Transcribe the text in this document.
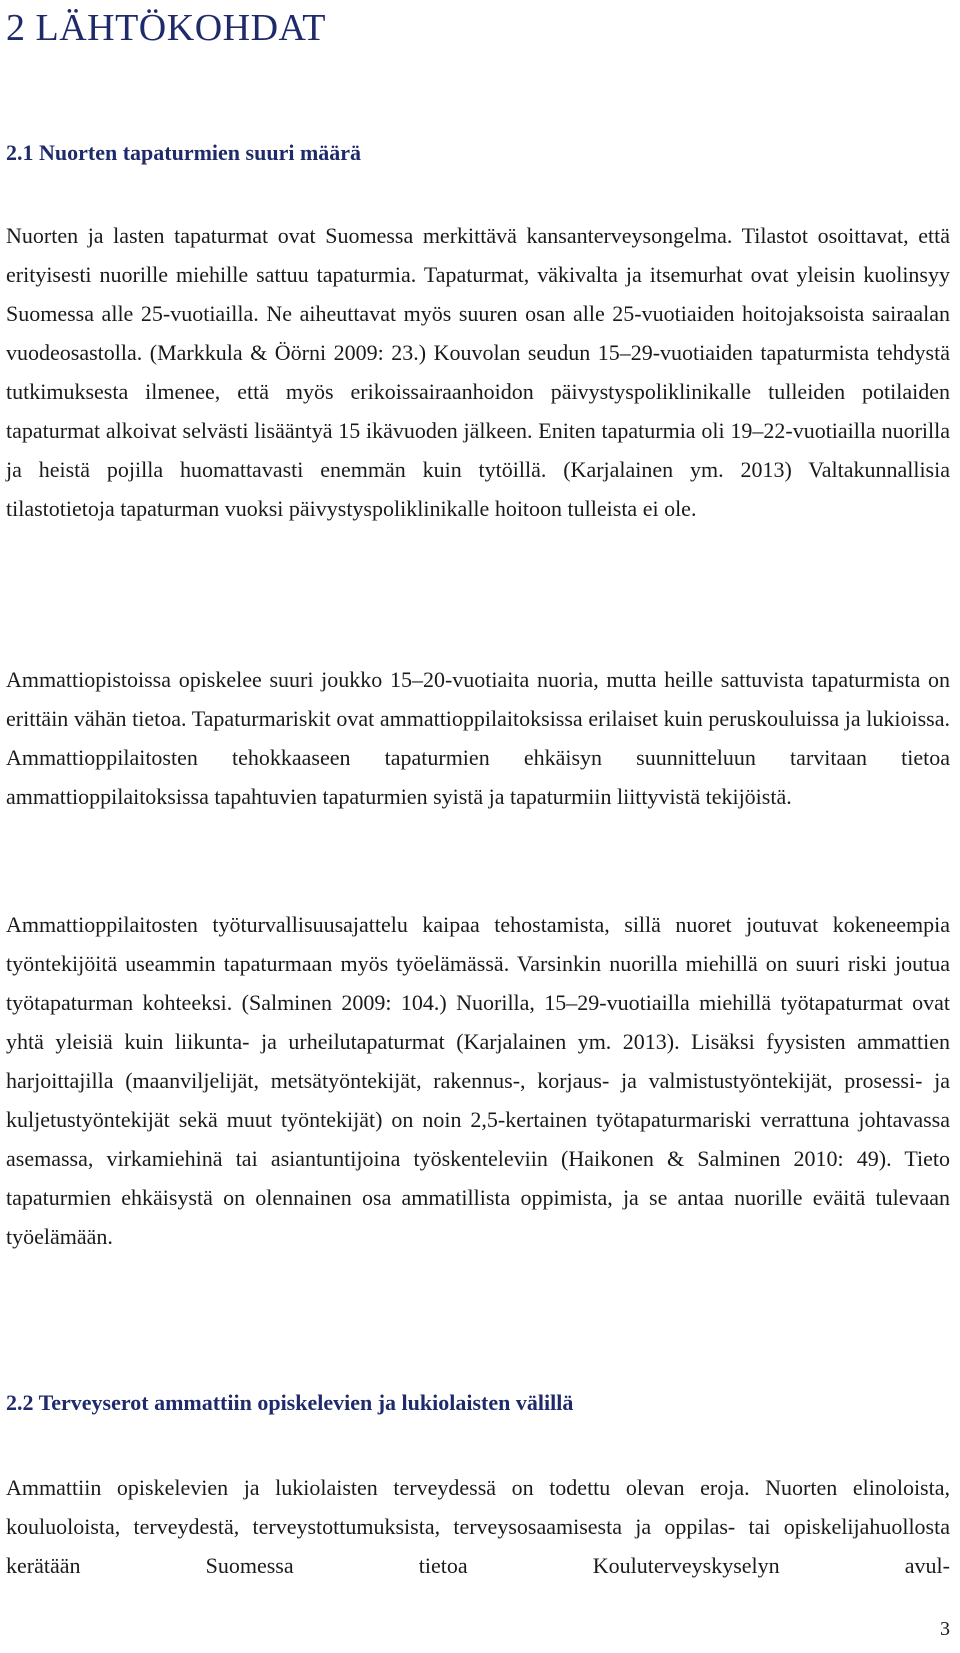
2 LÄHTÖKOHDAT
2.1 Nuorten tapaturmien suuri määrä

Nuorten ja lasten tapaturmat ovat Suomessa merkittävä kansanterveysongelma. Tilastot osoittavat, että erityisesti nuorille miehille sattuu tapaturmia. Tapaturmat, väkivalta ja itsemurhat ovat yleisin kuolinsyy Suomessa alle 25-vuotiailla. Ne aiheuttavat myös suuren osan alle 25-vuotiaiden hoitojaksoista sairaalan vuodeosastolla. (Markkula & Öörni 2009: 23.) Kouvolan seudun 15–29-vuotiaiden tapaturmista tehdystä tutkimuksesta ilmenee, että myös erikoissairaanhoidon päivystyspoliklinikalle tulleiden potilaiden tapaturmat alkoivat selvästi lisääntyä 15 ikävuoden jälkeen. Eniten tapaturmia oli 19–22-vuotiailla nuorilla ja heistä pojilla huomattavasti enemmän kuin tytöillä. (Karjalainen ym. 2013) Valtakunnallisia tilastotietoja tapaturman vuoksi päivystyspoliklinikalle hoitoon tulleista ei ole.

Ammattiopistoissa opiskelee suuri joukko 15–20-vuotiaita nuoria, mutta heille sattuvista tapaturmista on erittäin vähän tietoa. Tapaturmariskit ovat ammattioppilaitoksissa erilaiset kuin peruskouluissa ja lukioissa. Ammattioppilaitosten tehokkaaseen tapaturmien ehkäisyn suunnitteluun tarvitaan tietoa ammattioppilaitoksissa tapahtuvien tapaturmien syistä ja tapaturmiin liittyvistä tekijöistä.

Ammattioppilaitosten työturvallisuusajattelu kaipaa tehostamista, sillä nuoret joutuvat kokeneempia työntekijöitä useammin tapaturmaan myös työelämässä. Varsinkin nuorilla miehillä on suuri riski joutua työtapaturman kohteeksi. (Salminen 2009: 104.) Nuorilla, 15–29-vuotiailla miehillä työtapaturmat ovat yhtä yleisiä kuin liikunta- ja urheilutapaturmat (Karjalainen ym. 2013). Lisäksi fyysisten ammattien harjoittajilla (maanviljelijät, metsätyöntekijät, rakennus-, korjaus- ja valmistustyöntekijät, prosessi- ja kuljetustyöntekijät sekä muut työntekijät) on noin 2,5-kertainen työtapaturmariski verrattuna johtavassa asemassa, virkamiehinä tai asiantuntijoina työskenteleviin (Haikonen & Salminen 2010: 49). Tieto tapaturmien ehkäisystä on olennainen osa ammatillista oppimista, ja se antaa nuorille eväitä tulevaan työelämään.

2.2 Terveyserot ammattiin opiskelevien ja lukiolaisten välillä

Ammattiin opiskelevien ja lukiolaisten terveydessä on todettu olevan eroja. Nuorten elinoloista, kouluoloista, terveydestä, terveystottumuksista, terveysosaamisesta ja oppilas- tai opiskelijahuollosta kerätään Suomessa tietoa Kouluterveyskyselyn avul-

3
